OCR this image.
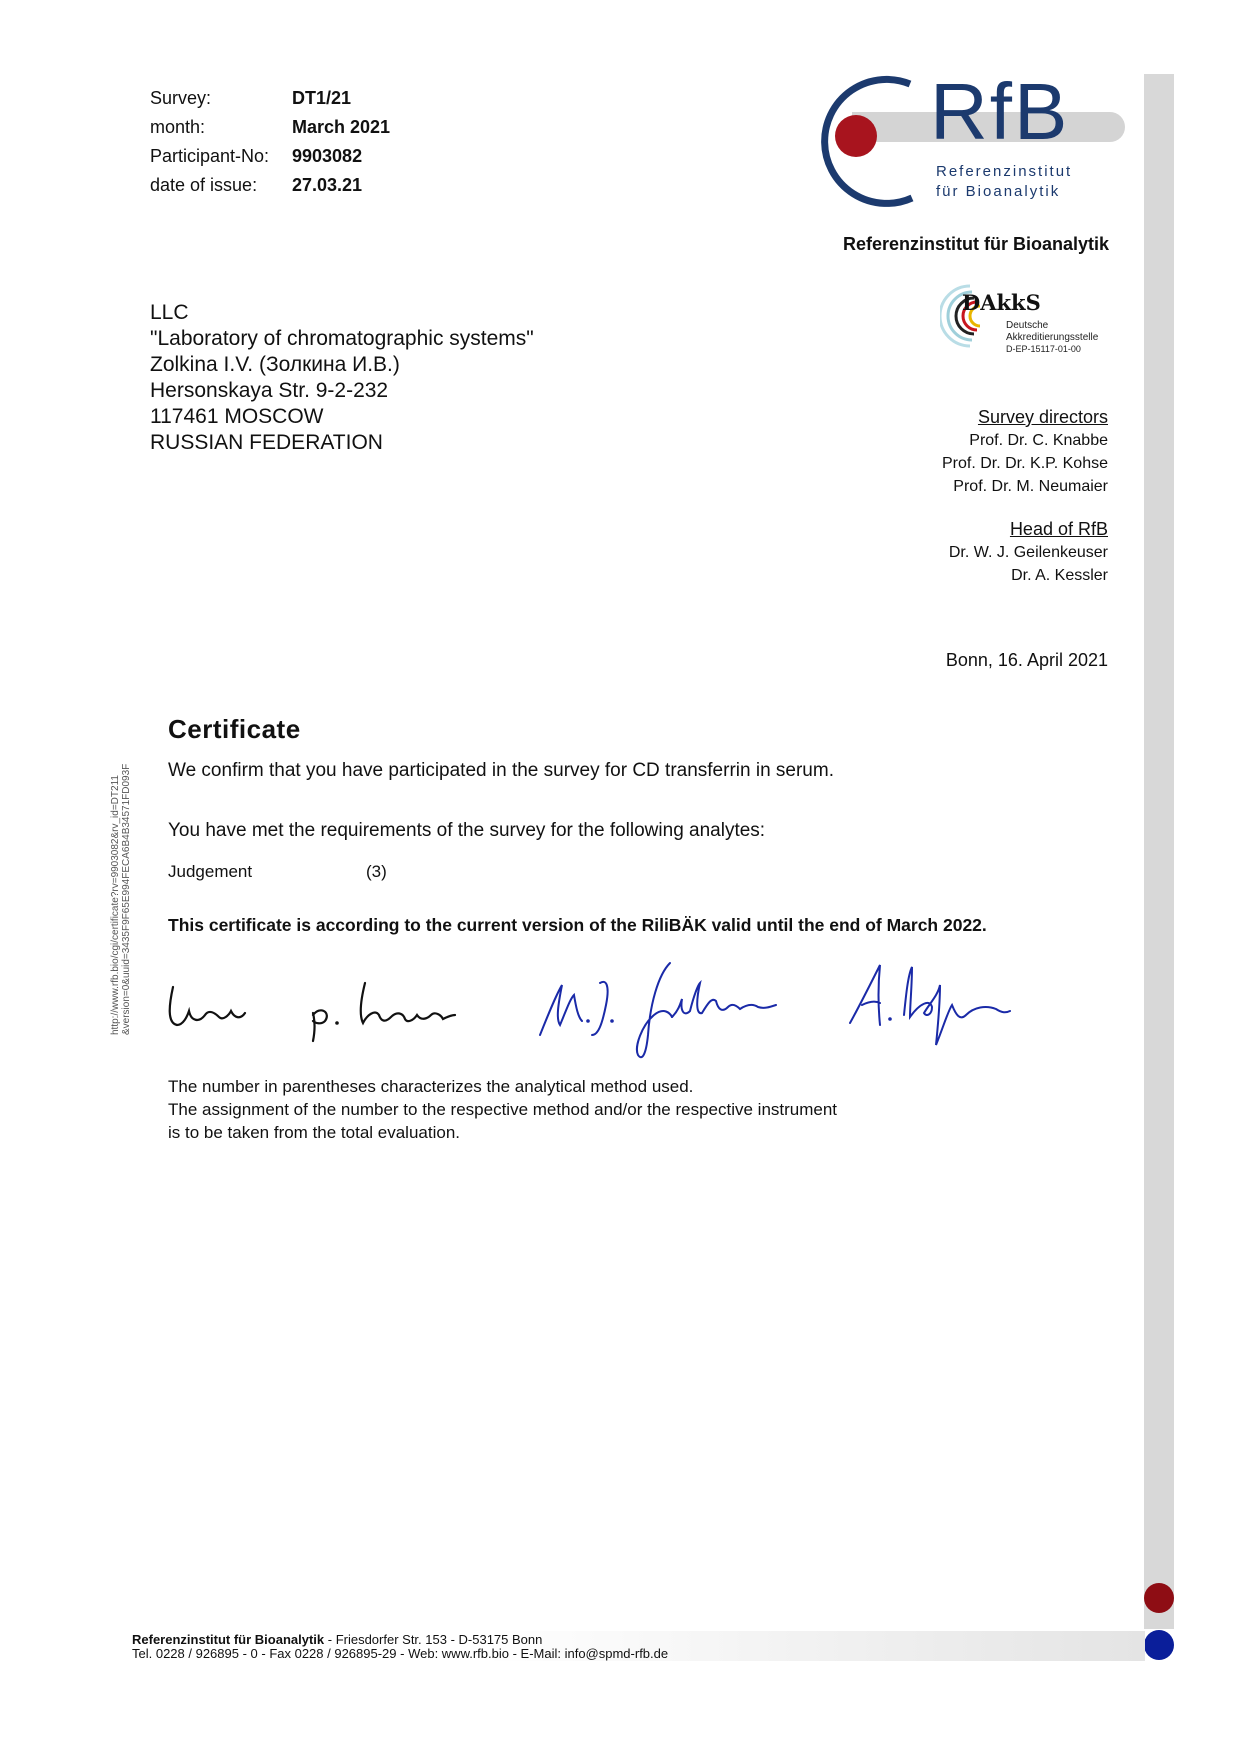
Survey:	DT1/21
month:	March 2021
Participant-No: 9903082
date of issue: 27.03.21
RfB
Referenzinstitut
für Bioanalytik
Referenzinstitut für Bioanalytik
DAkkS
Deutsche
Akkreditierungsstelle
D-EP-15117-01-00
LLC
"Laboratory of chromatographic systems"
Zolkina I.V. (Золкина И.В.)
Hersonskaya Str. 9-2-232
117461 MOSCOW
RUSSIAN FEDERATION
Survey directors
Prof. Dr. C. Knabbe
Prof. Dr. Dr. K.P. Kohse
Prof. Dr. M. Neumaier
Head of RfB
Dr. W. J. Geilenkeuser
Dr. A. Kessler
Bonn, 16. April 2021
Certificate
We confirm that you have participated in the survey for CD transferrin in serum.
You have met the requirements of the survey for the following analytes:
Judgement	(3)
This certificate is according to the current version of the RiliBÄK valid until the end of March 2022.
The number in parentheses characterizes the analytical method used.
The assignment of the number to the respective method and/or the respective instrument
is to be taken from the total evaluation.
http://www.rfb.bio/cgi/certificate?rv=9903082&rv_id=DT211 &version=0&uuid=3435F9F65E994FECA6B4B34571FD093F
Referenzinstitut für Bioanalytik - Friesdorfer Str. 153 - D-53175 Bonn
Tel. 0228 / 926895 - 0 - Fax 0228 / 926895-29 - Web: www.rfb.bio - E-Mail: info@spmd-rfb.de
